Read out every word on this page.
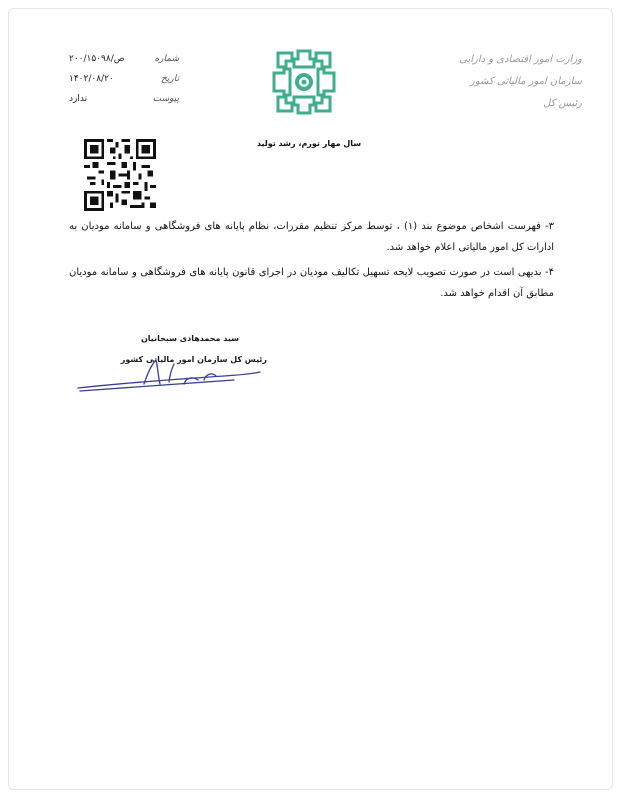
شماره
۲۰۰/۱۵۰۹۸/ص
تاریخ
۱۴۰۲/۰۸/۲۰
پیوست
ندارد
وزارت امور اقتصادی و دارایی
سازمان امور مالیاتی کشور
رئیس کل
سال مهار تورم، رشد تولید

۳- فهرست اشخاص موضوع بند (۱) ، توسط مرکز تنظیم مقررات، نظام پایانه های فروشگاهی و سامانه مودیان به ادارات کل امور مالیاتی اعلام خواهد شد.

۴- بدیهی است در صورت تصویب لایحه تسهیل تکالیف مودیان در اجرای قانون پایانه های فروشگاهی و سامانه مودیان مطابق آن اقدام خواهد شد.

سید محمدهادی سبحانیان
رئیس کل سازمان امور مالیاتی کشور
